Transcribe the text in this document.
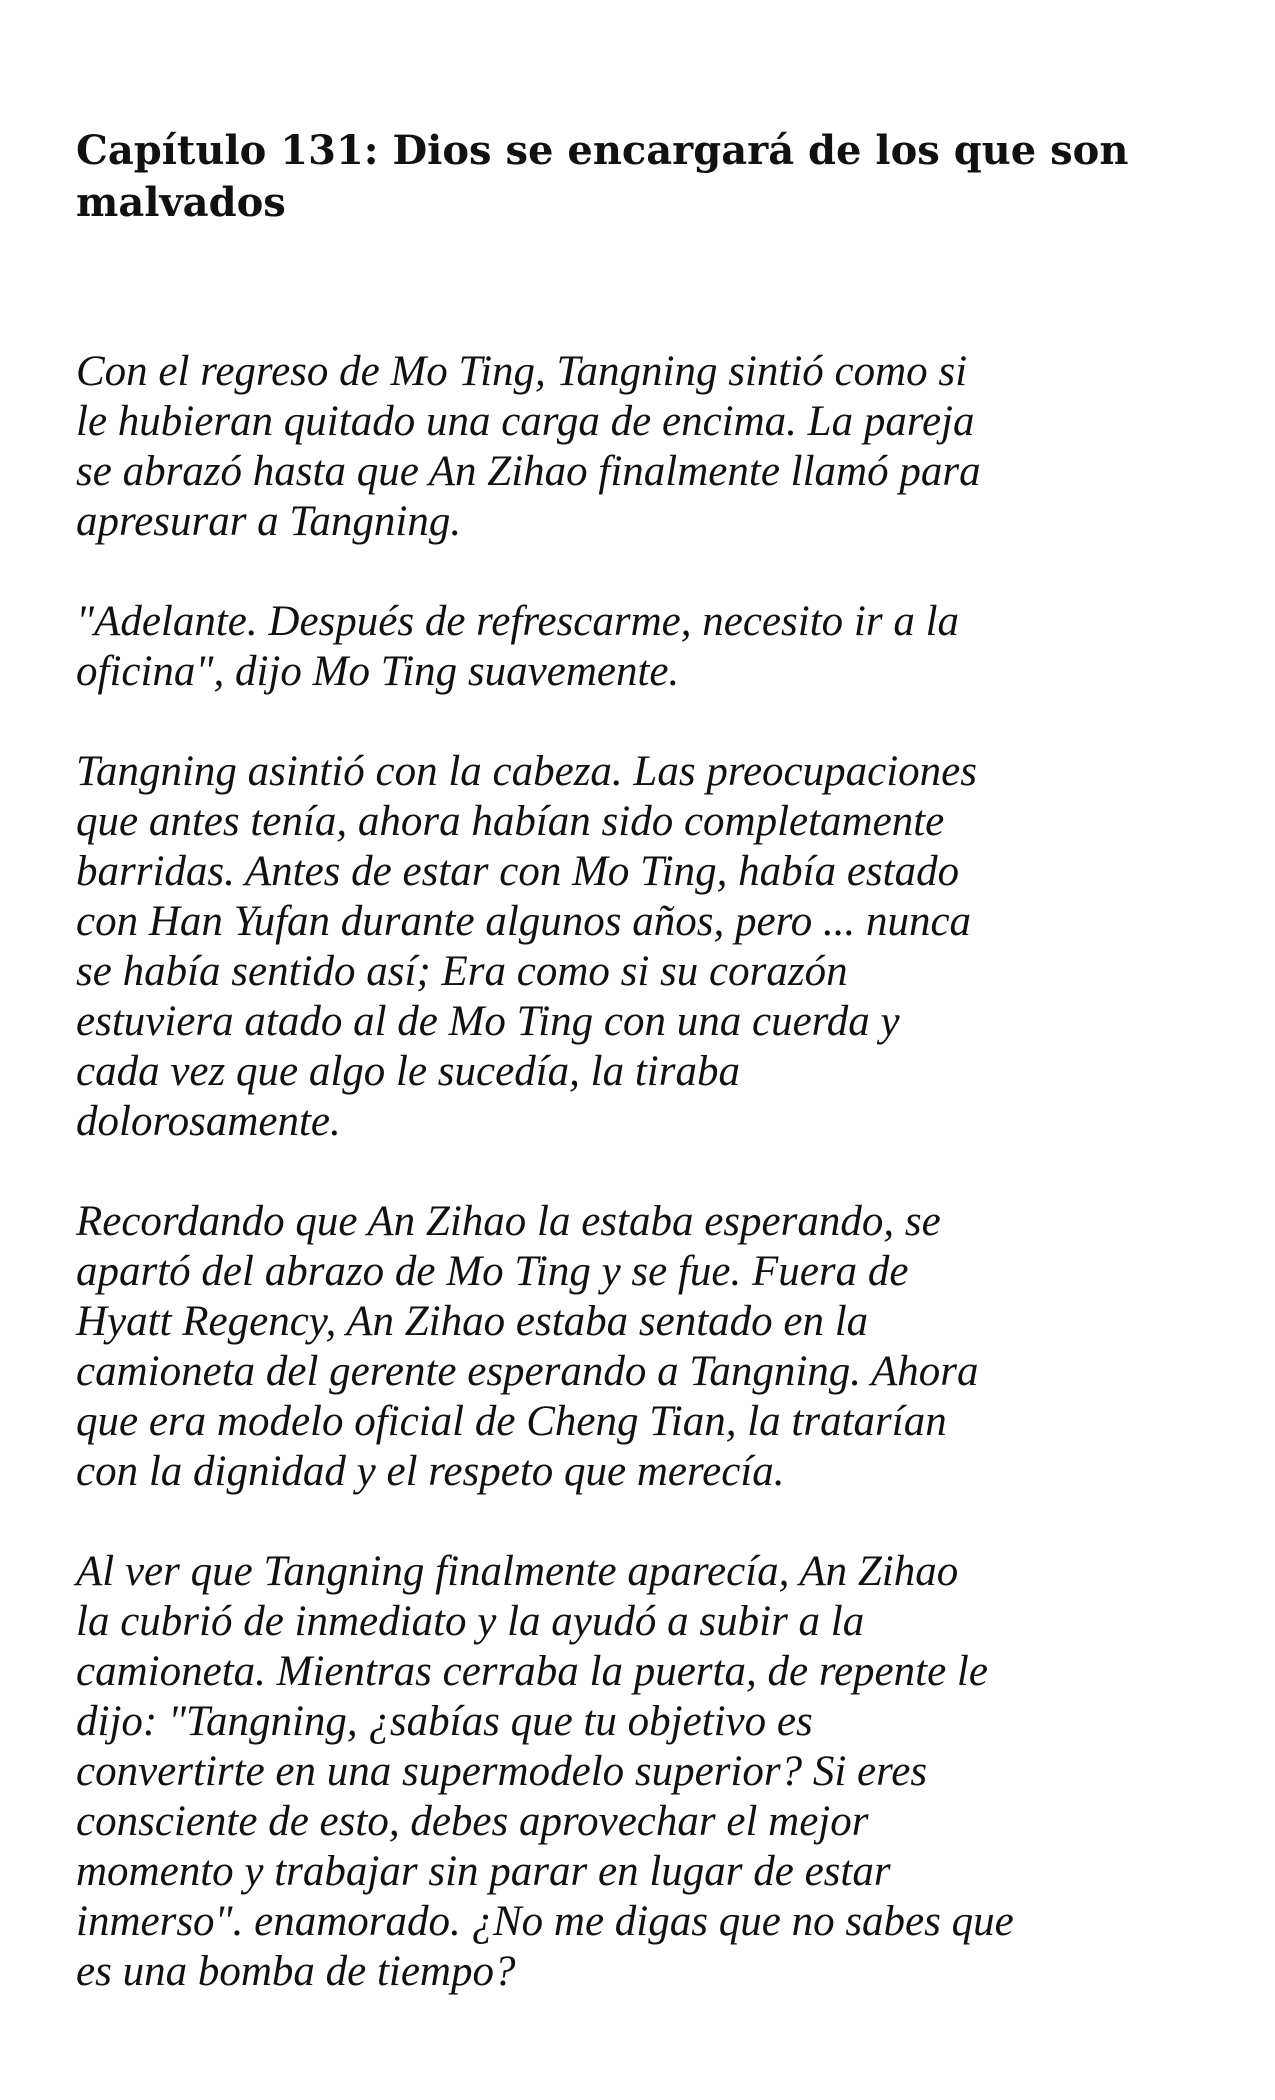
Capítulo 131: Dios se encargará de los que son
malvados

Con el regreso de Mo Ting, Tangning sintió como si
le hubieran quitado una carga de encima. La pareja
se abrazó hasta que An Zihao finalmente llamó para
apresurar a Tangning.

"Adelante. Después de refrescarme, necesito ir a la
oficina", dijo Mo Ting suavemente.

Tangning asintió con la cabeza. Las preocupaciones
que antes tenía, ahora habían sido completamente
barridas. Antes de estar con Mo Ting, había estado
con Han Yufan durante algunos años, pero ... nunca
se había sentido así; Era como si su corazón
estuviera atado al de Mo Ting con una cuerda y
cada vez que algo le sucedía, la tiraba
dolorosamente.

Recordando que An Zihao la estaba esperando, se
apartó del abrazo de Mo Ting y se fue. Fuera de
Hyatt Regency, An Zihao estaba sentado en la
camioneta del gerente esperando a Tangning. Ahora
que era modelo oficial de Cheng Tian, la tratarían
con la dignidad y el respeto que merecía.

Al ver que Tangning finalmente aparecía, An Zihao
la cubrió de inmediato y la ayudó a subir a la
camioneta. Mientras cerraba la puerta, de repente le
dijo: "Tangning, ¿sabías que tu objetivo es
convertirte en una supermodelo superior? Si eres
consciente de esto, debes aprovechar el mejor
momento y trabajar sin parar en lugar de estar
inmerso". enamorado. ¿No me digas que no sabes que
es una bomba de tiempo?
